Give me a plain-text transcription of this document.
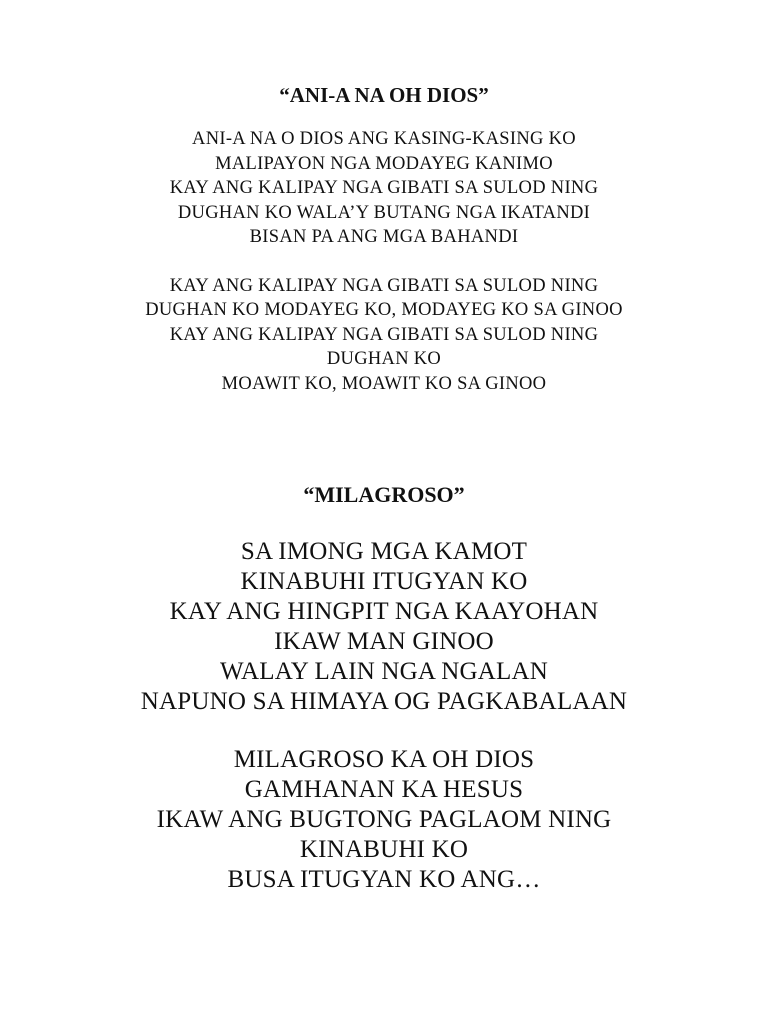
“ANI-A NA OH DIOS”
ANI-A NA O DIOS ANG KASING-KASING KO
MALIPAYON NGA MODAYEG KANIMO
KAY ANG KALIPAY NGA GIBATI SA SULOD NING
DUGHAN KO WALA’Y BUTANG NGA IKATANDI
BISAN PA ANG MGA BAHANDI
KAY ANG KALIPAY NGA GIBATI SA SULOD NING
DUGHAN KO MODAYEG KO, MODAYEG KO SA GINOO
KAY ANG KALIPAY NGA GIBATI SA SULOD NING
DUGHAN KO
MOAWIT KO, MOAWIT KO SA GINOO
“MILAGROSO”
SA IMONG MGA KAMOT
KINABUHI ITUGYAN KO
KAY ANG HINGPIT NGA KAAYOHAN
IKAW MAN GINOO
WALAY LAIN NGA NGALAN
NAPUNO SA HIMAYA OG PAGKABALAAN
MILAGROSO KA OH DIOS
GAMHANAN KA HESUS
IKAW ANG BUGTONG PAGLAOM NING
KINABUHI KO
BUSA ITUGYAN KO ANG…
